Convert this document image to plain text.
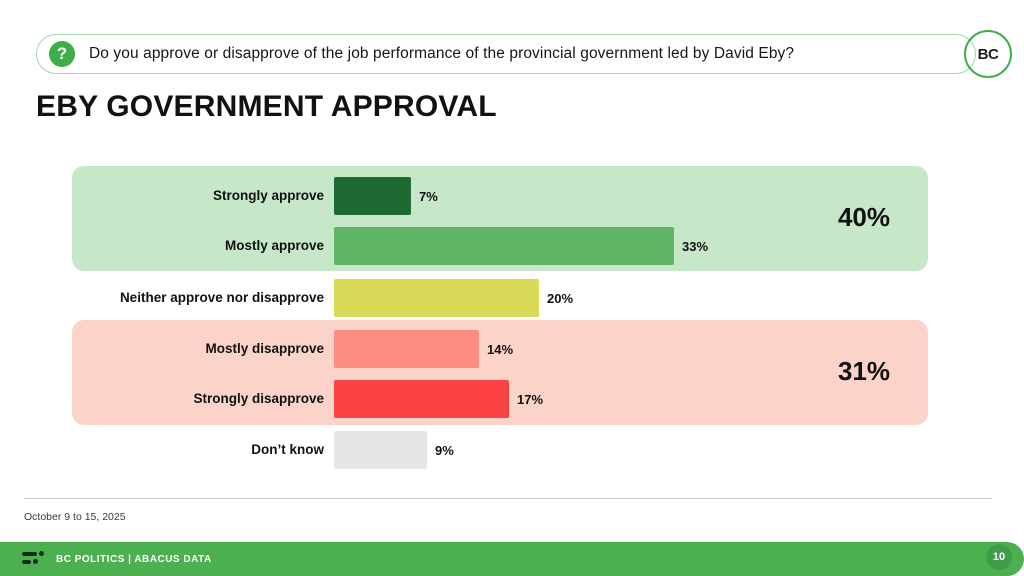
?	Do you approve or disapprove of the job performance of the provincial government led by David Eby?	BC
EBY GOVERNMENT APPROVAL
40%
31%
Strongly approve	7%
Mostly approve	33%
Neither approve nor disapprove	20%
Mostly disapprove	14%
Strongly disapprove	17%
Don’t know	9%
October 9 to 15, 2025
BC POLITICS | ABACUS DATA	10
